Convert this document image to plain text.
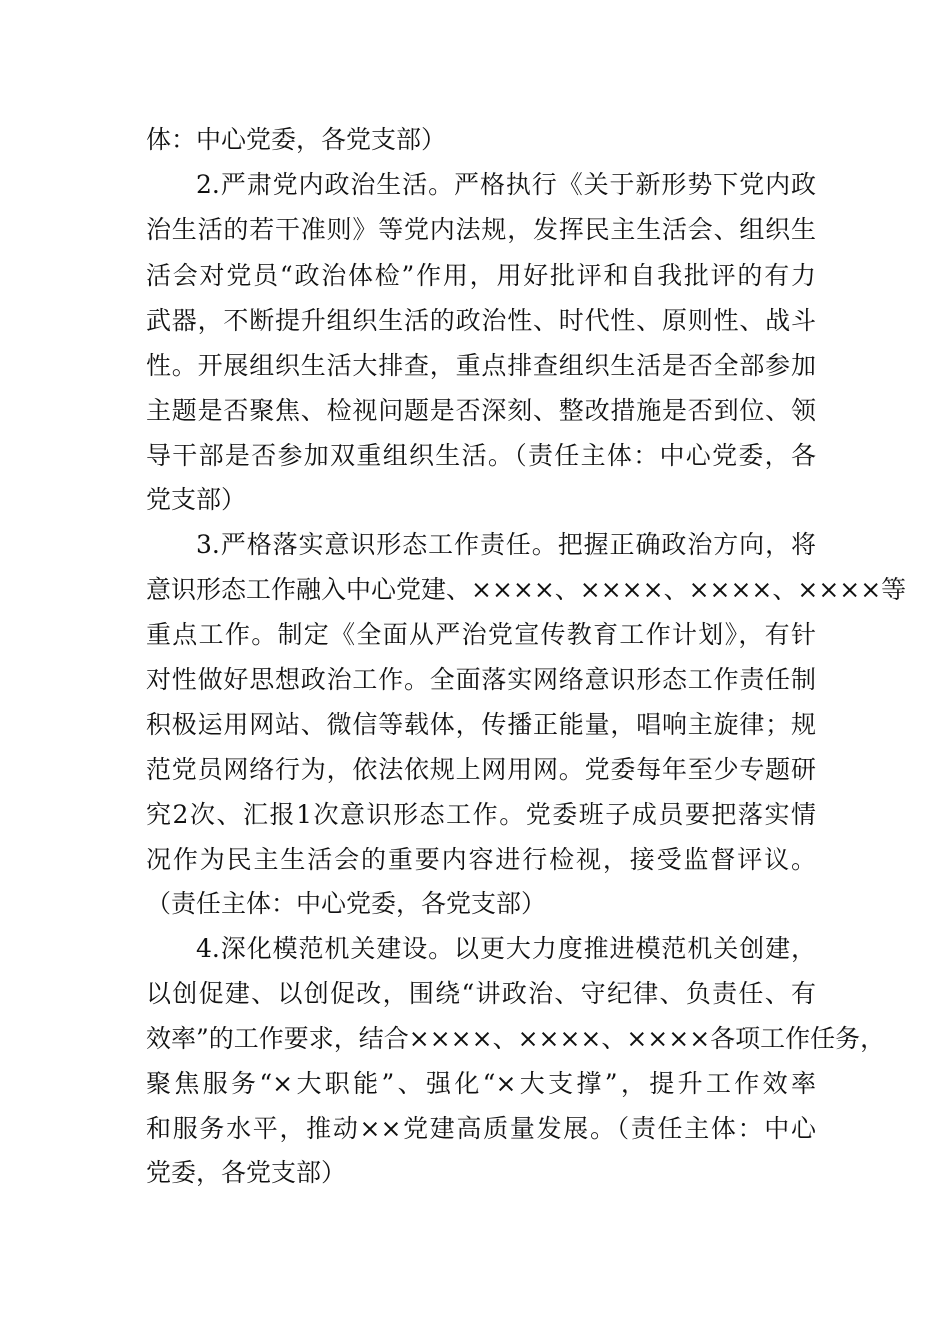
体：中心党委，各党支部）
2.严肃党内政治生活。严格执行《关于新形势下党内政
治生活的若干准则》等党内法规，发挥民主生活会、组织生
活会对党员“政治体检”作用，用好批评和自我批评的有力
武器，不断提升组织生活的政治性、时代性、原则性、战斗
性。开展组织生活大排查，重点排查组织生活是否全部参加
主题是否聚焦、检视问题是否深刻、整改措施是否到位、领
导干部是否参加双重组织生活。（责任主体：中心党委，各
党支部）
3.严格落实意识形态工作责任。把握正确政治方向，将
意识形态工作融入中心党建、××××、××××、××××、××××等
重点工作。制定《全面从严治党宣传教育工作计划》，有针
对性做好思想政治工作。全面落实网络意识形态工作责任制
积极运用网站、微信等载体，传播正能量，唱响主旋律；规
范党员网络行为，依法依规上网用网。党委每年至少专题研
究2次、汇报1次意识形态工作。党委班子成员要把落实情
况作为民主生活会的重要内容进行检视，接受监督评议。
（责任主体：中心党委，各党支部）
4.深化模范机关建设。以更大力度推进模范机关创建，
以创促建、以创促改，围绕“讲政治、守纪律、负责任、有
效率”的工作要求，结合××××、××××、××××各项工作任务，
聚焦服务“×大职能”、强化“×大支撑”，提升工作效率
和服务水平，推动××党建高质量发展。（责任主体：中心
党委，各党支部）
